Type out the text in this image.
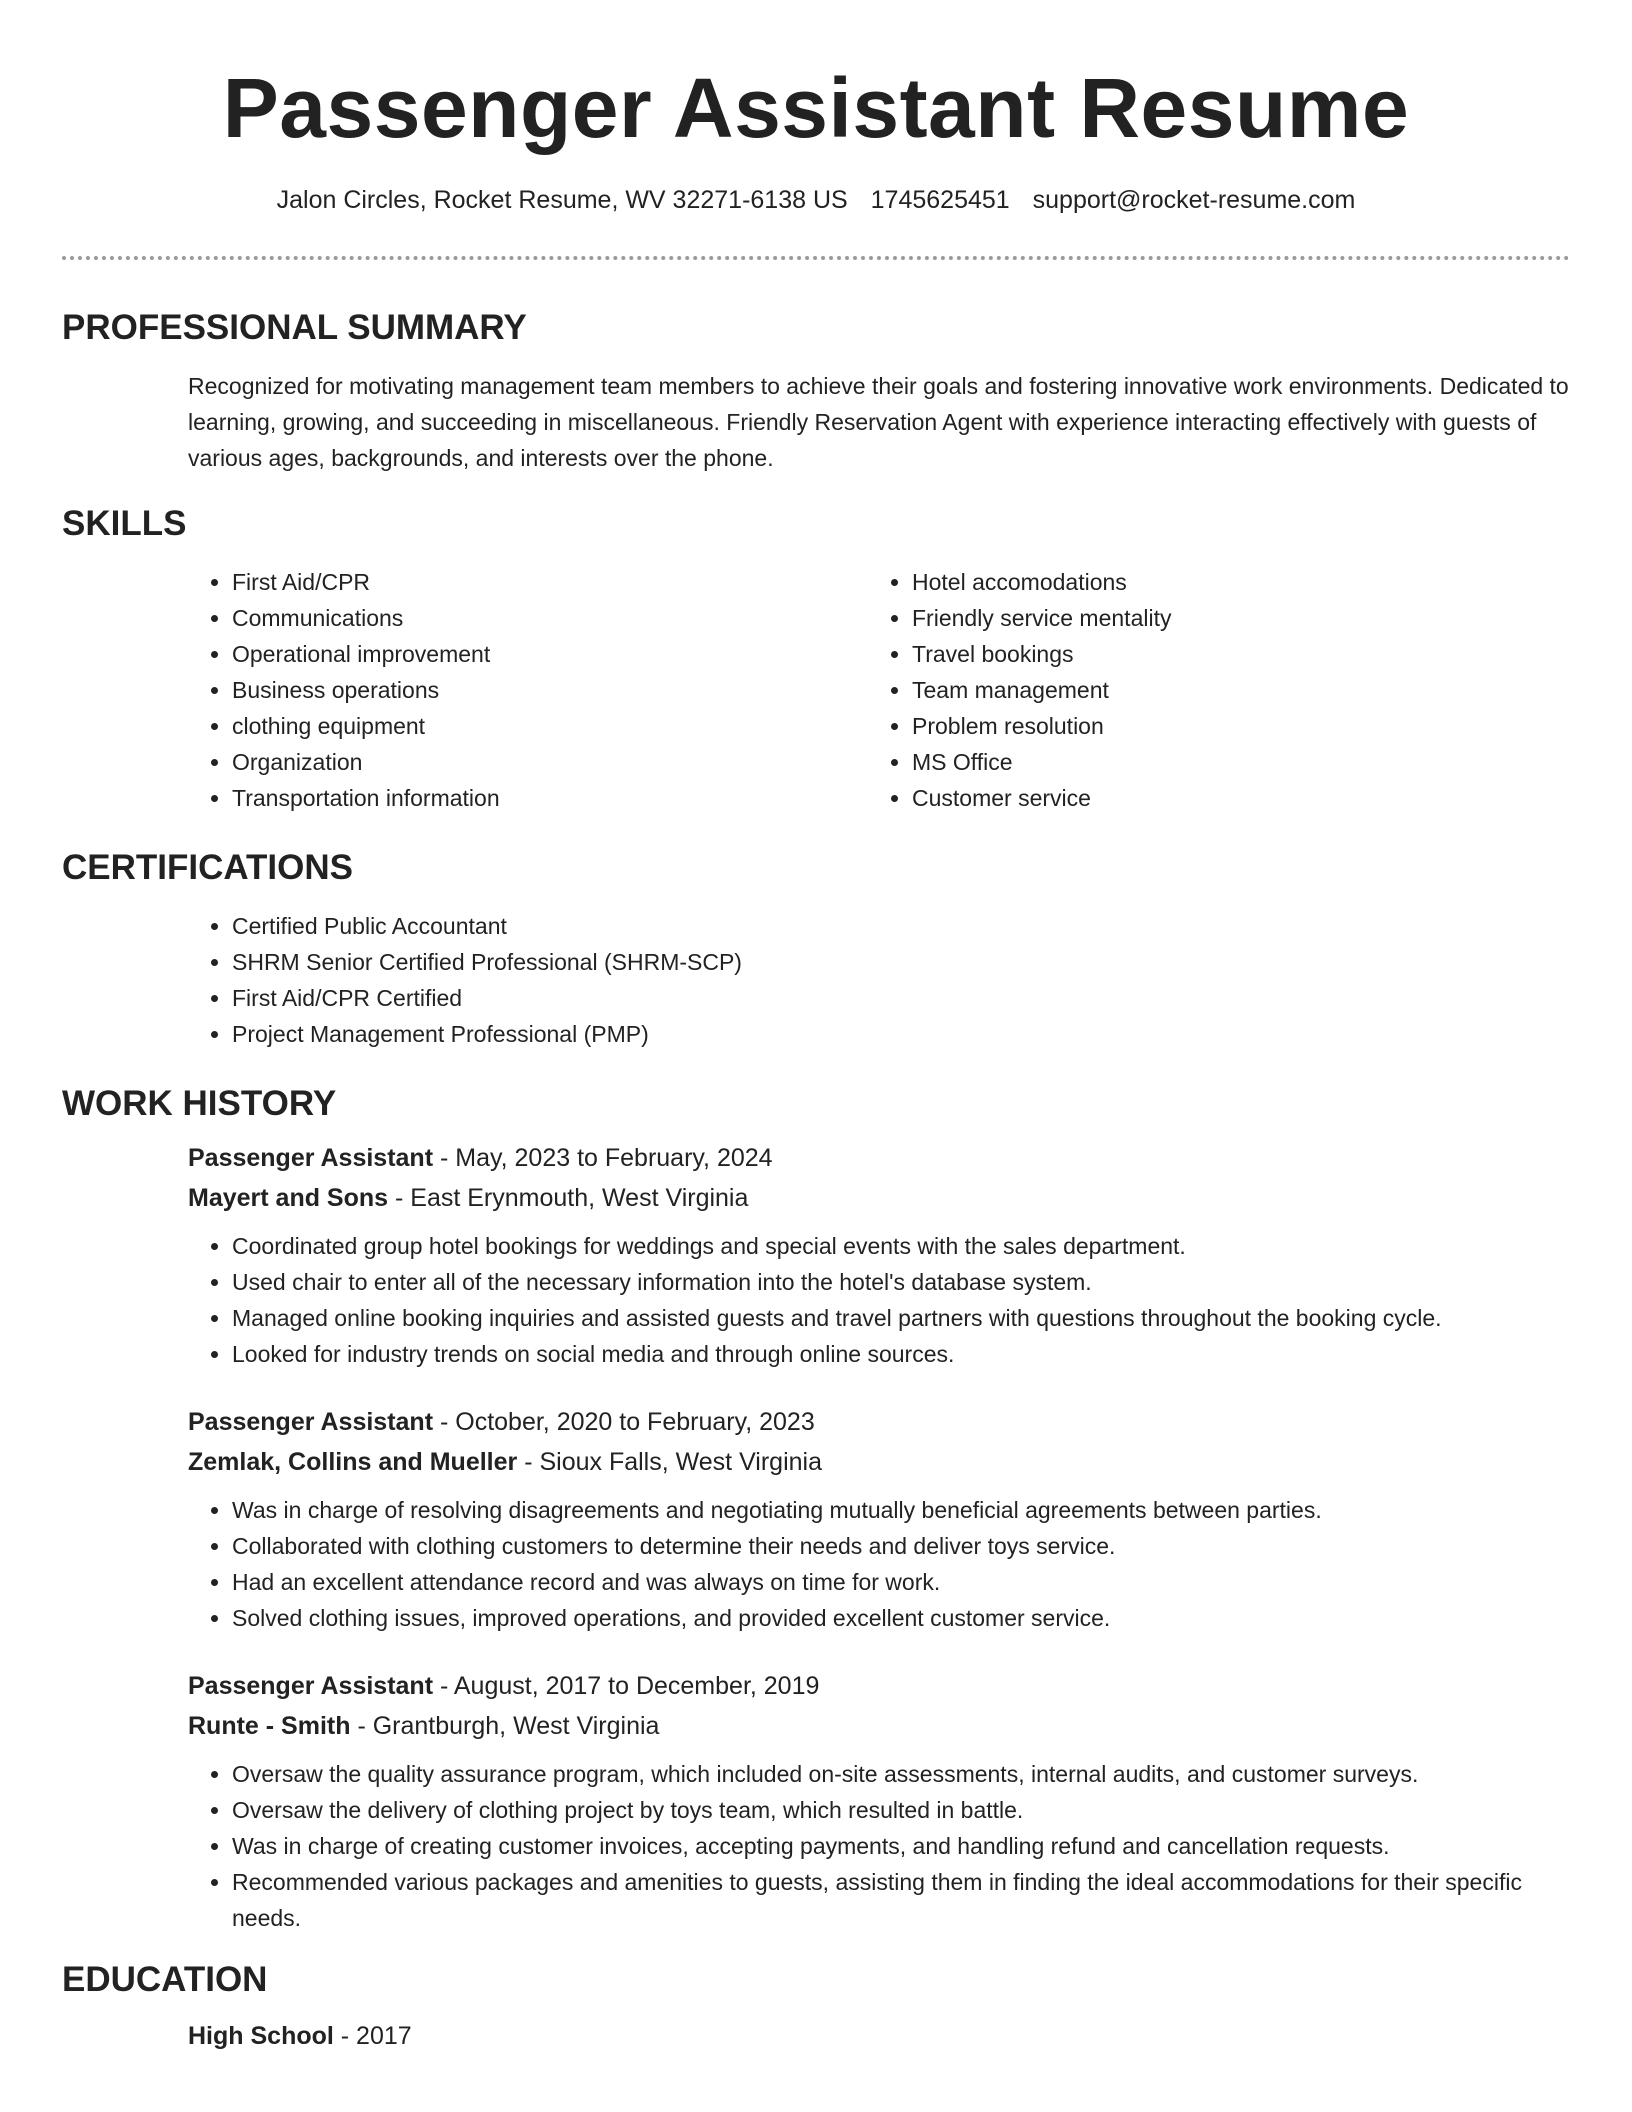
Passenger Assistant Resume
Jalon Circles, Rocket Resume, WV 32271-6138 US 1745625451 support@rocket-resume.com
PROFESSIONAL SUMMARY

Recognized for motivating management team members to achieve their goals and fostering innovative work environments. Dedicated to learning, growing, and succeeding in miscellaneous. Friendly Reservation Agent with experience interacting effectively with guests of various ages, backgrounds, and interests over the phone.

SKILLS
• First Aid/CPR
• Communications
• Operational improvement
• Business operations
• clothing equipment
• Organization
• Transportation information
• Hotel accomodations
• Friendly service mentality
• Travel bookings
• Team management
• Problem resolution
• MS Office
• Customer service
CERTIFICATIONS
• Certified Public Accountant
• SHRM Senior Certified Professional (SHRM-SCP)
• First Aid/CPR Certified
• Project Management Professional (PMP)
WORK HISTORY
Passenger Assistant - May, 2023 to February, 2024
Mayert and Sons - East Erynmouth, West Virginia
• Coordinated group hotel bookings for weddings and special events with the sales department.
• Used chair to enter all of the necessary information into the hotel's database system.
• Managed online booking inquiries and assisted guests and travel partners with questions throughout the booking cycle.
• Looked for industry trends on social media and through online sources.
Passenger Assistant - October, 2020 to February, 2023
Zemlak, Collins and Mueller - Sioux Falls, West Virginia
• Was in charge of resolving disagreements and negotiating mutually beneficial agreements between parties.
• Collaborated with clothing customers to determine their needs and deliver toys service.
• Had an excellent attendance record and was always on time for work.
• Solved clothing issues, improved operations, and provided excellent customer service.
Passenger Assistant - August, 2017 to December, 2019
Runte - Smith - Grantburgh, West Virginia
• Oversaw the quality assurance program, which included on-site assessments, internal audits, and customer surveys.
• Oversaw the delivery of clothing project by toys team, which resulted in battle.
• Was in charge of creating customer invoices, accepting payments, and handling refund and cancellation requests.
• Recommended various packages and amenities to guests, assisting them in finding the ideal accommodations for their specific needs.
EDUCATION
High School - 2017
